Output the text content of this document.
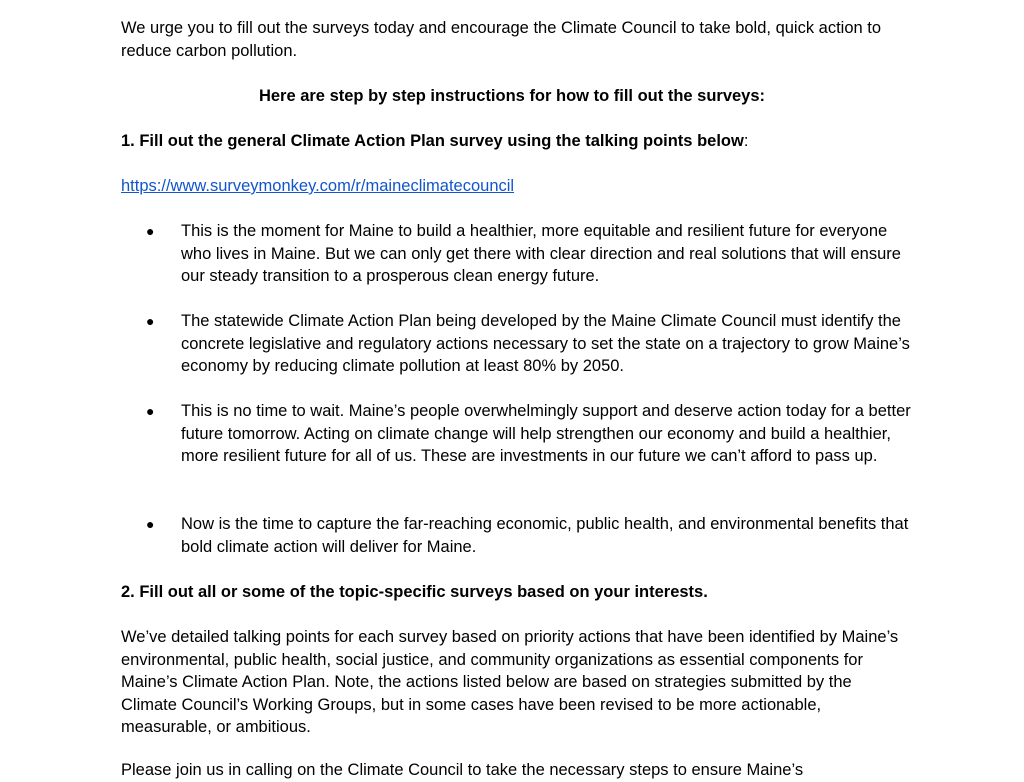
We urge you to fill out the surveys today and encourage the Climate Council to take bold, quick action to reduce carbon pollution.

Here are step by step instructions for how to fill out the surveys:

1. Fill out the general Climate Action Plan survey using the talking points below:

https://www.surveymonkey.com/r/maineclimatecouncil

●	This is the moment for Maine to build a healthier, more equitable and resilient future for everyone who lives in Maine. But we can only get there with clear direction and real solutions that will ensure our steady transition to a prosperous clean energy future.

●	The statewide Climate Action Plan being developed by the Maine Climate Council must identify the concrete legislative and regulatory actions necessary to set the state on a trajectory to grow Maine’s economy by reducing climate pollution at least 80% by 2050.

●	This is no time to wait. Maine’s people overwhelmingly support and deserve action today for a better future tomorrow. Acting on climate change will help strengthen our economy and build a healthier, more resilient future for all of us. These are investments in our future we can’t afford to pass up.

●	Now is the time to capture the far-reaching economic, public health, and environmental benefits that bold climate action will deliver for Maine.

2. Fill out all or some of the topic-specific surveys based on your interests.

We’ve detailed talking points for each survey based on priority actions that have been identified by Maine’s environmental, public health, social justice, and community organizations as essential components for Maine’s Climate Action Plan. Note, the actions listed below are based on strategies submitted by the Climate Council’s Working Groups, but in some cases have been revised to be more actionable, measurable, or ambitious.

Please join us in calling on the Climate Council to take the necessary steps to ensure Maine’s
